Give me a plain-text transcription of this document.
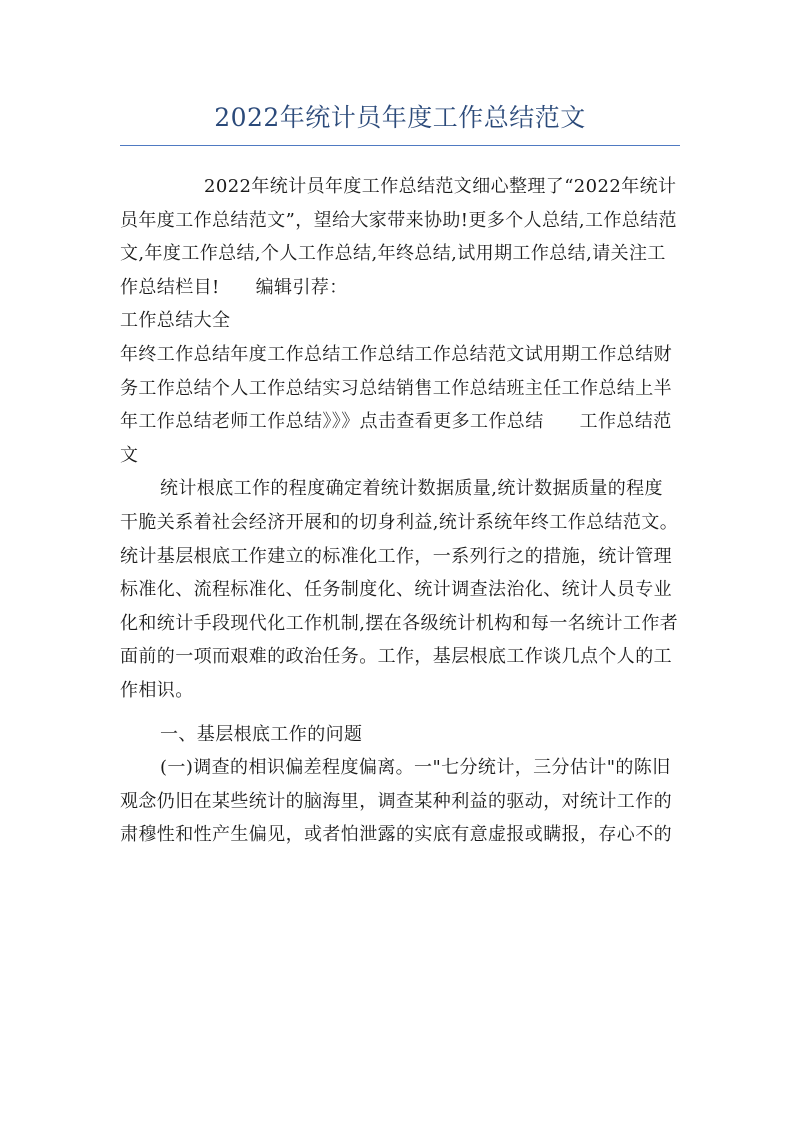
2022年统计员年度工作总结范文

2022年统计员年度工作总结范文细心整理了“2022年统计员年度工作总结范文”，望给大家带来协助!更多个人总结,工作总结范文,年度工作总结,个人工作总结,年终总结,试用期工作总结,请关注工作总结栏目! 编辑引荐：

工作总结大全

年终工作总结年度工作总结工作总结工作总结范文试用期工作总结财务工作总结个人工作总结实习总结销售工作总结班主任工作总结上半年工作总结老师工作总结》》》点击查看更多工作总结 工作总结范文

统计根底工作的程度确定着统计数据质量,统计数据质量的程度干脆关系着社会经济开展和的切身利益,统计系统年终工作总结范文。统计基层根底工作建立的标准化工作，一系列行之的措施，统计管理标准化、流程标准化、任务制度化、统计调查法治化、统计人员专业化和统计手段现代化工作机制,摆在各级统计机构和每一名统计工作者面前的一项而艰难的政治任务。工作，基层根底工作谈几点个人的工作相识。

一、基层根底工作的问题

(一)调查的相识偏差程度偏离。一"七分统计，三分估计"的陈旧观念仍旧在某些统计的脑海里，调查某种利益的驱动，对统计工作的肃穆性和性产生偏见，或者怕泄露的实底有意虚报或瞒报，存心不的
